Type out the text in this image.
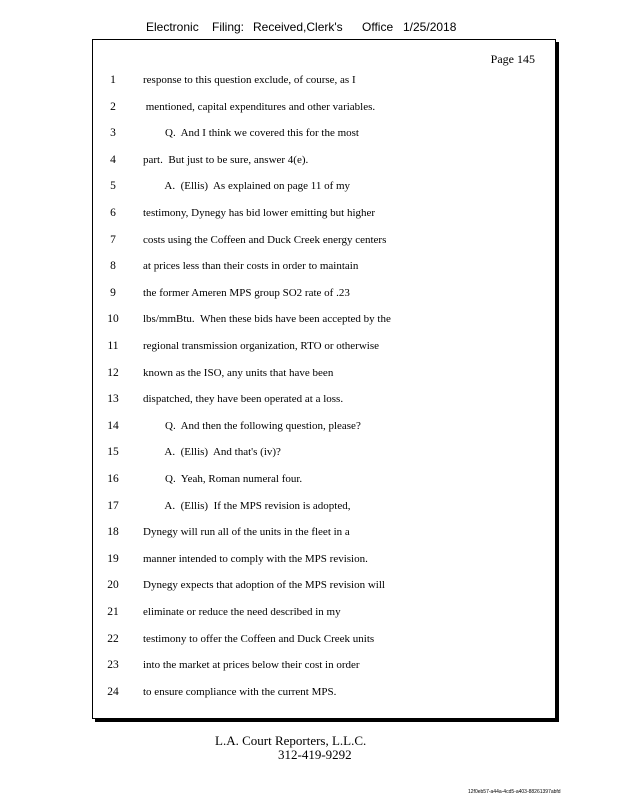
Electronic Filing: Received,Clerk's Office 1/25/2018
Page 145
1	response to this question exclude, of course, as I
2	mentioned, capital expenditures and other variables.
3	Q.  And I think we covered this for the most
4	part.  But just to be sure, answer 4(e).
5	A.  (Ellis)  As explained on page 11 of my
6	testimony, Dynegy has bid lower emitting but higher
7	costs using the Coffeen and Duck Creek energy centers
8	at prices less than their costs in order to maintain
9	the former Ameren MPS group SO2 rate of .23
10	lbs/mmBtu.  When these bids have been accepted by the
11	regional transmission organization, RTO or otherwise
12	known as the ISO, any units that have been
13	dispatched, they have been operated at a loss.
14	Q.  And then the following question, please?
15	A.  (Ellis)  And that's (iv)?
16	Q.  Yeah, Roman numeral four.
17	A.  (Ellis)  If the MPS revision is adopted,
18	Dynegy will run all of the units in the fleet in a
19	manner intended to comply with the MPS revision.
20	Dynegy expects that adoption of the MPS revision will
21	eliminate or reduce the need described in my
22	testimony to offer the Coffeen and Duck Creek units
23	into the market at prices below their cost in order
24	to ensure compliance with the current MPS.
L.A. Court Reporters, L.L.C.
312-419-9292
12f0eb57-a44a-4cd5-a403-88261397abfd
